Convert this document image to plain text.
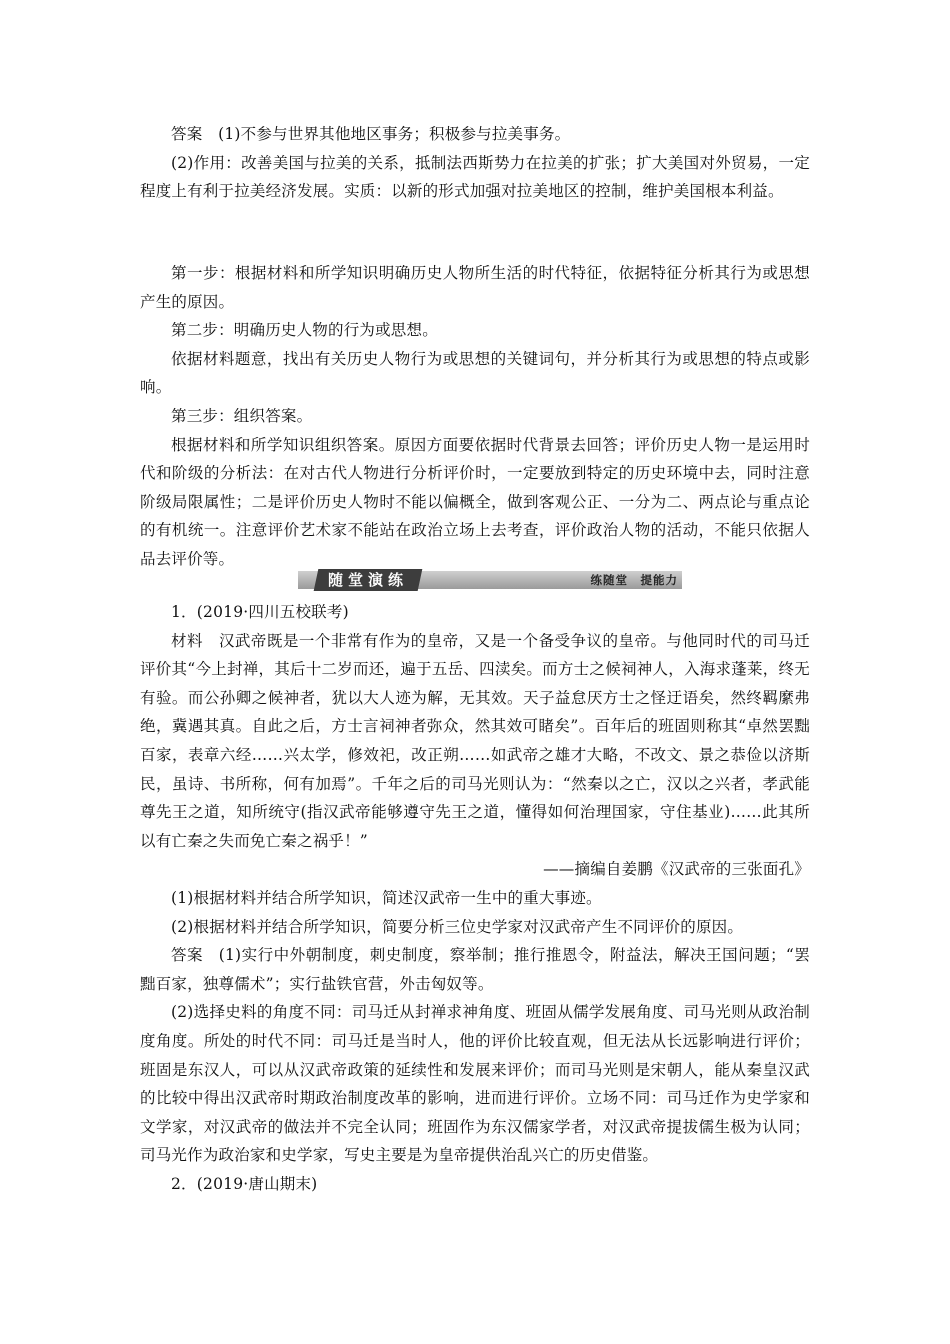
答案 (1)不参与世界其他地区事务；积极参与拉美事务。

(2)作用：改善美国与拉美的关系，抵制法西斯势力在拉美的扩张；扩大美国对外贸易，一定程度上有利于拉美经济发展。实质：以新的形式加强对拉美地区的控制，维护美国根本利益。

第一步：根据材料和所学知识明确历史人物所生活的时代特征，依据特征分析其行为或思想产生的原因。

第二步：明确历史人物的行为或思想。

依据材料题意，找出有关历史人物行为或思想的关键词句，并分析其行为或思想的特点或影响。

第三步：组织答案。

根据材料和所学知识组织答案。原因方面要依据时代背景去回答；评价历史人物一是运用时代和阶级的分析法：在对古代人物进行分析评价时，一定要放到特定的历史环境中去，同时注意阶级局限属性；二是评价历史人物时不能以偏概全，做到客观公正、一分为二、两点论与重点论的有机统一。注意评价艺术家不能站在政治立场上去考查，评价政治人物的活动，不能只依据人品去评价等。

随堂演练	练随堂 提能力

1．(2019·四川五校联考)

材料 汉武帝既是一个非常有作为的皇帝，又是一个备受争议的皇帝。与他同时代的司马迁评价其“今上封禅，其后十二岁而还，遍于五岳、四渎矣。而方士之候祠神人，入海求蓬莱，终无有验。而公孙卿之候神者，犹以大人迹为解，无其效。天子益怠厌方士之怪迂语矣，然终羁縻弗绝，冀遇其真。自此之后，方士言祠神者弥众，然其效可睹矣”。百年后的班固则称其“卓然罢黜百家，表章六经……兴太学，修效祀，改正朔……如武帝之雄才大略，不改文、景之恭俭以济斯民，虽诗、书所称，何有加焉”。千年之后的司马光则认为：“然秦以之亡，汉以之兴者，孝武能尊先王之道，知所统守(指汉武帝能够遵守先王之道，懂得如何治理国家，守住基业)……此其所以有亡秦之失而免亡秦之祸乎！”

——摘编自姜鹏《汉武帝的三张面孔》

(1)根据材料并结合所学知识，简述汉武帝一生中的重大事迹。

(2)根据材料并结合所学知识，简要分析三位史学家对汉武帝产生不同评价的原因。

答案 (1)实行中外朝制度，刺史制度，察举制；推行推恩令，附益法，解决王国问题；“罢黜百家，独尊儒术”；实行盐铁官营，外击匈奴等。

(2)选择史料的角度不同：司马迁从封禅求神角度、班固从儒学发展角度、司马光则从政治制度角度。所处的时代不同：司马迁是当时人，他的评价比较直观，但无法从长远影响进行评价；班固是东汉人，可以从汉武帝政策的延续性和发展来评价；而司马光则是宋朝人，能从秦皇汉武的比较中得出汉武帝时期政治制度改革的影响，进而进行评价。立场不同：司马迁作为史学家和文学家，对汉武帝的做法并不完全认同；班固作为东汉儒家学者，对汉武帝提拔儒生极为认同；司马光作为政治家和史学家，写史主要是为皇帝提供治乱兴亡的历史借鉴。

2．(2019·唐山期末)
